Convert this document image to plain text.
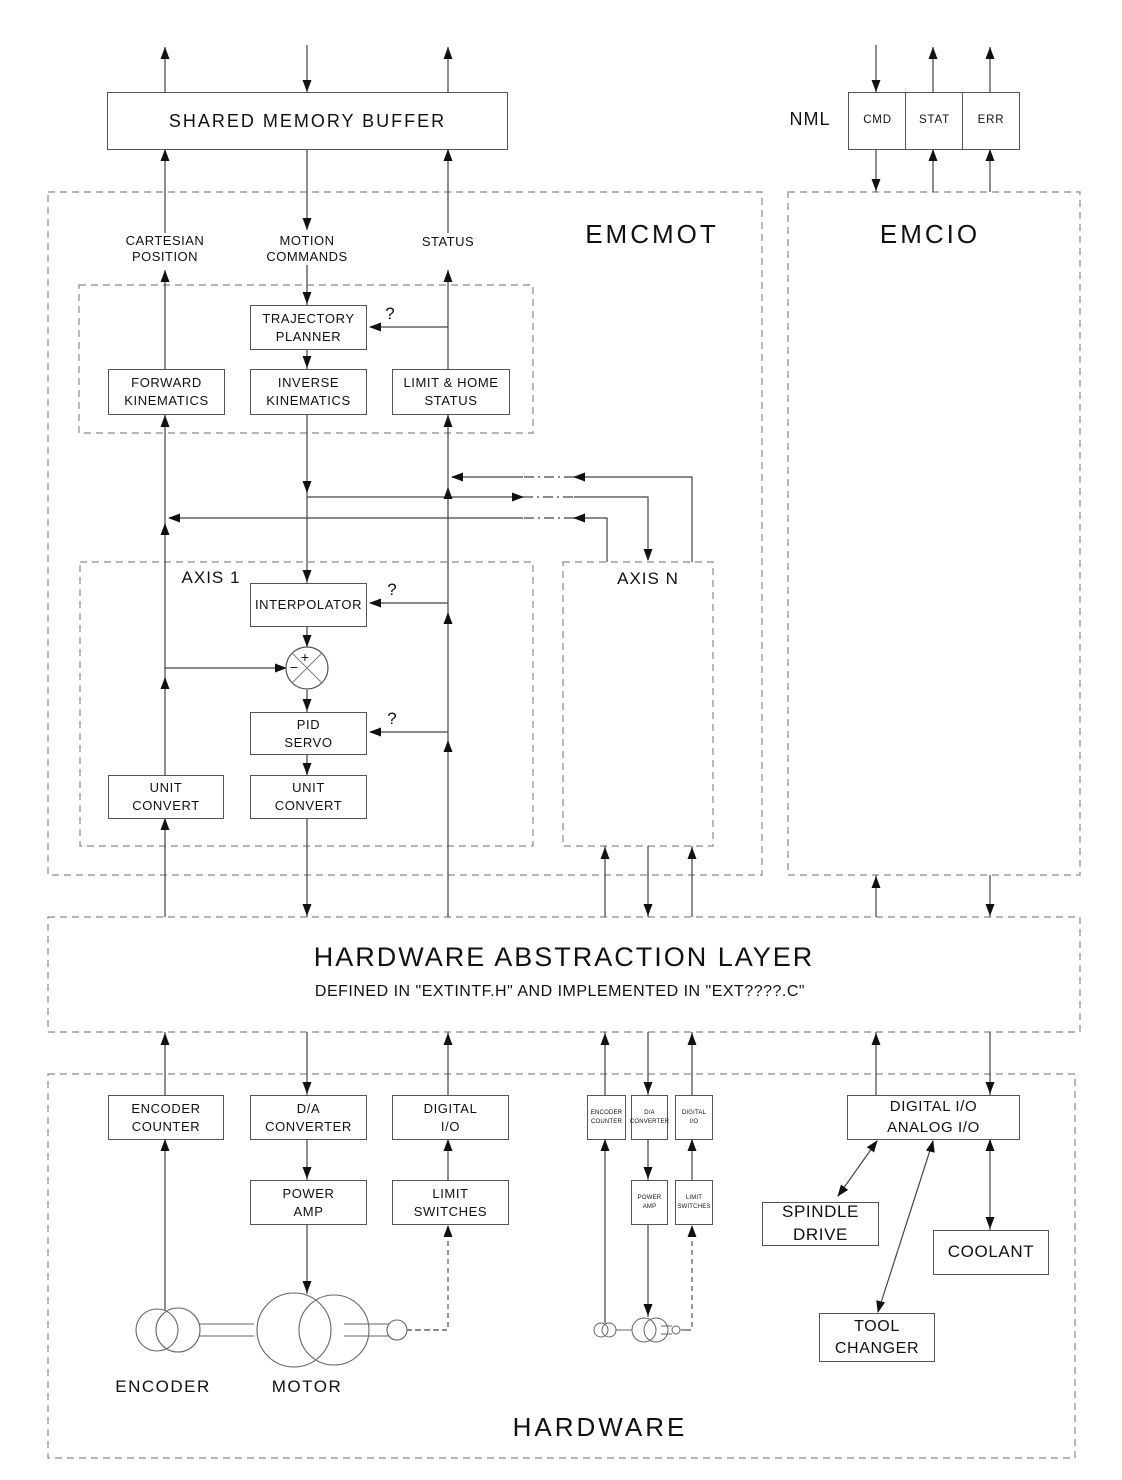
SHARED MEMORY BUFFER	CMD STAT ERR
TRAJECTORY
PLANNER
FORWARD
KINEMATICS
INVERSE
KINEMATICS
LIMIT & HOME
STATUS
INTERPOLATOR
PID
SERVO
UNIT
CONVERT
UNIT
CONVERT
ENCODER
COUNTER
D/A
CONVERTER
DIGITAL
I/O
POWER
AMP
LIMIT
SWITCHES
ENCODER
COUNTER
D/A
CONVERTER
DIGITAL
I/O
POWER
AMP
LIMIT
SWITCHES
DIGITAL I/O
ANALOG I/O
SPINDLE DRIVE
COOLANT
TOOL
CHANGER
NML
CARTESIAN
POSITION
MOTION
COMMANDS
STATUS	EMCMOT	EMCIO
AXIS 1	AXIS N
?
?
?
+
−
HARDWARE ABSTRACTION LAYER
DEFINED IN "EXTINTF.H" AND IMPLEMENTED IN "EXT????.C"
HARDWARE
ENCODER	MOTOR
